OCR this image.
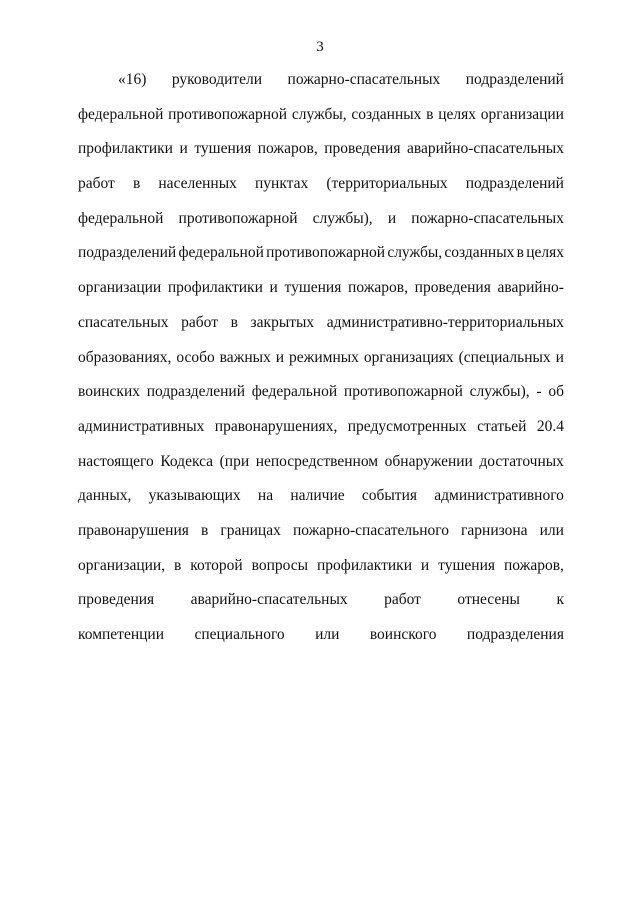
3
«16) руководители пожарно-спасательных подразделений
федеральной противопожарной службы, созданных в целях организации
профилактики и тушения пожаров, проведения аварийно-спасательных
работ в населенных пунктах (территориальных подразделений
федеральной противопожарной службы), и пожарно-спасательных
подразделений федеральной противопожарной службы, созданных в целях
организации профилактики и тушения пожаров, проведения аварийно-
спасательных работ в закрытых административно-территориальных
образованиях, особо важных и режимных организациях (специальных и
воинских подразделений федеральной противопожарной службы), - об
административных правонарушениях, предусмотренных статьей 20.4
настоящего Кодекса (при непосредственном обнаружении достаточных
данных, указывающих на наличие события административного
правонарушения в границах пожарно-спасательного гарнизона или
организации, в которой вопросы профилактики и тушения пожаров,
проведения аварийно-спасательных работ отнесены к
компетенции специального или воинского подразделения
